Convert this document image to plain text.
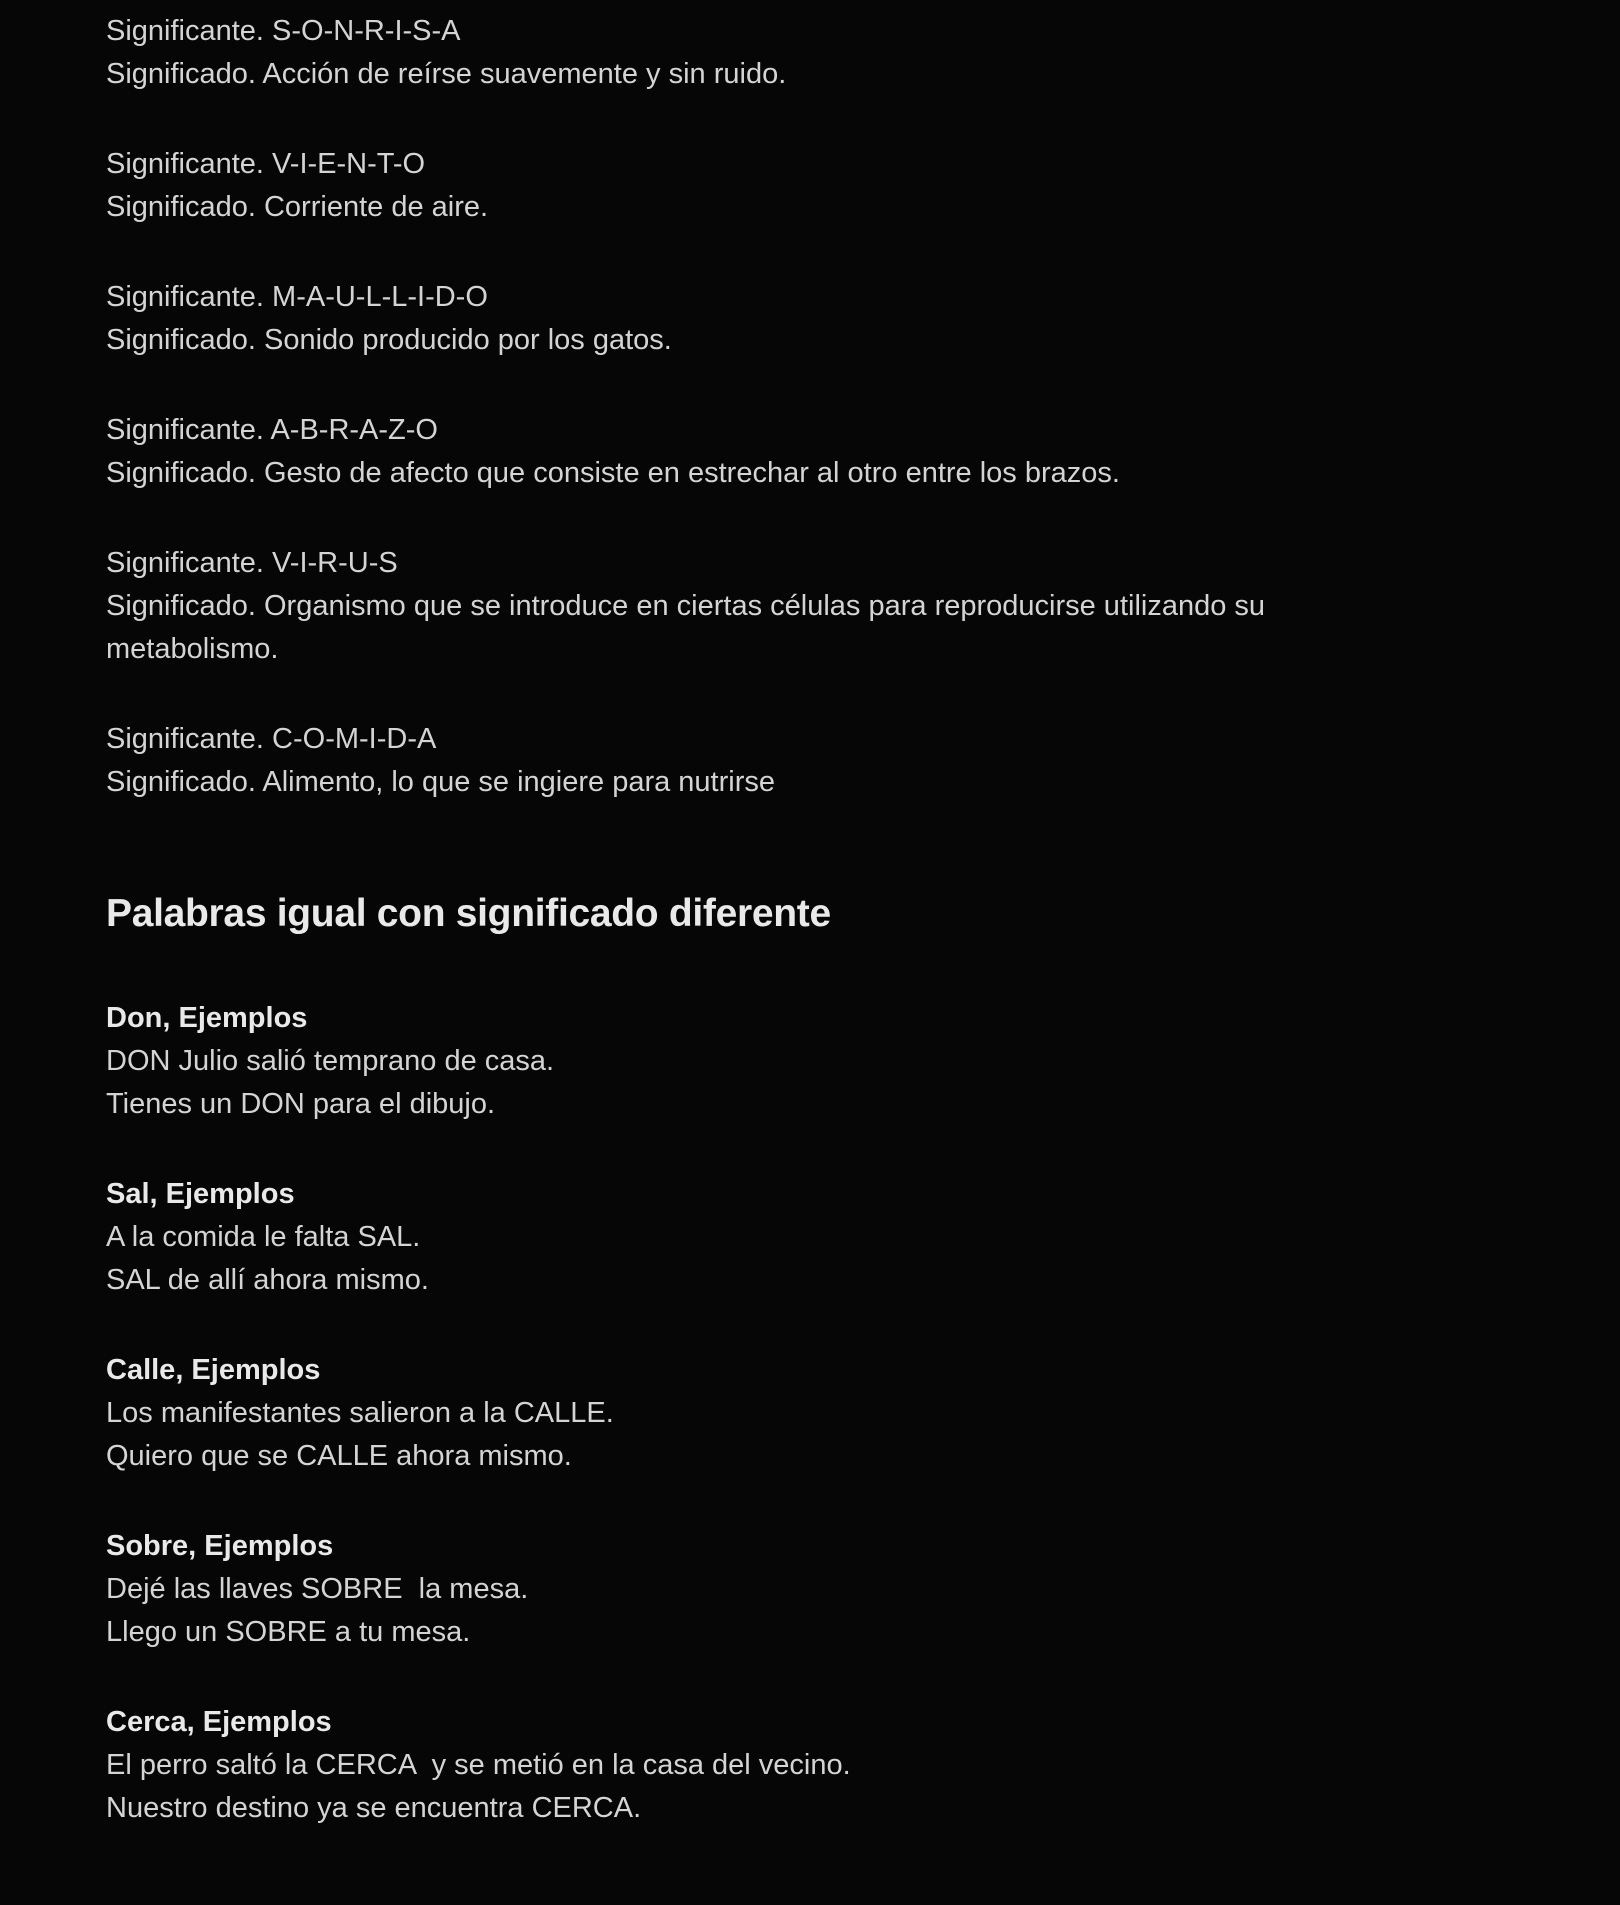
Significante. S-O-N-R-I-S-A

Significado. Acción de reírse suavemente y sin ruido.

Significante. V-I-E-N-T-O

Significado. Corriente de aire.

Significante. M-A-U-L-L-I-D-O

Significado. Sonido producido por los gatos.

Significante. A-B-R-A-Z-O

Significado. Gesto de afecto que consiste en estrechar al otro entre los brazos.

Significante. V-I-R-U-S

Significado. Organismo que se introduce en ciertas células para reproducirse utilizando su

metabolismo.

Significante. C-O-M-I-D-A

Significado. Alimento, lo que se ingiere para nutrirse

Palabras igual con significado diferente

Don, Ejemplos

DON Julio salió temprano de casa.

Tienes un DON para el dibujo.

Sal, Ejemplos

A la comida le falta SAL.

SAL de allí ahora mismo.

Calle, Ejemplos

Los manifestantes salieron a la CALLE.

Quiero que se CALLE ahora mismo.

Sobre, Ejemplos

Dejé las llaves SOBRE  la mesa.

Llego un SOBRE a tu mesa.

Cerca, Ejemplos

El perro saltó la CERCA  y se metió en la casa del vecino.

Nuestro destino ya se encuentra CERCA.
